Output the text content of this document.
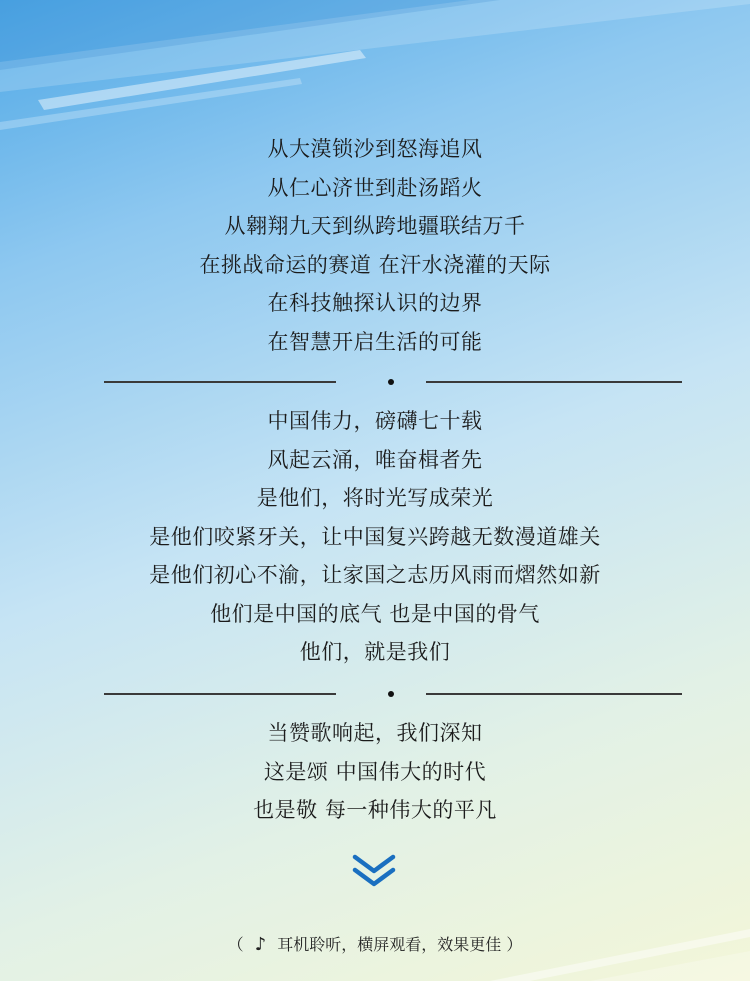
从大漠锁沙到怒海追风
从仁心济世到赴汤蹈火
从翱翔九天到纵跨地疆联结万千
在挑战命运的赛道 在汗水浇灌的天际
在科技触探认识的边界
在智慧开启生活的可能
中国伟力，磅礴七十载
风起云涌，唯奋楫者先
是他们，将时光写成荣光
是他们咬紧牙关，让中国复兴跨越无数漫道雄关
是他们初心不渝，让家国之志历风雨而熠然如新
他们是中国的底气 也是中国的骨气
他们，就是我们
当赞歌响起，我们深知
这是颂 中国伟大的时代
也是敬 每一种伟大的平凡
（ ♪ 耳机聆听，横屏观看，效果更佳 ）
